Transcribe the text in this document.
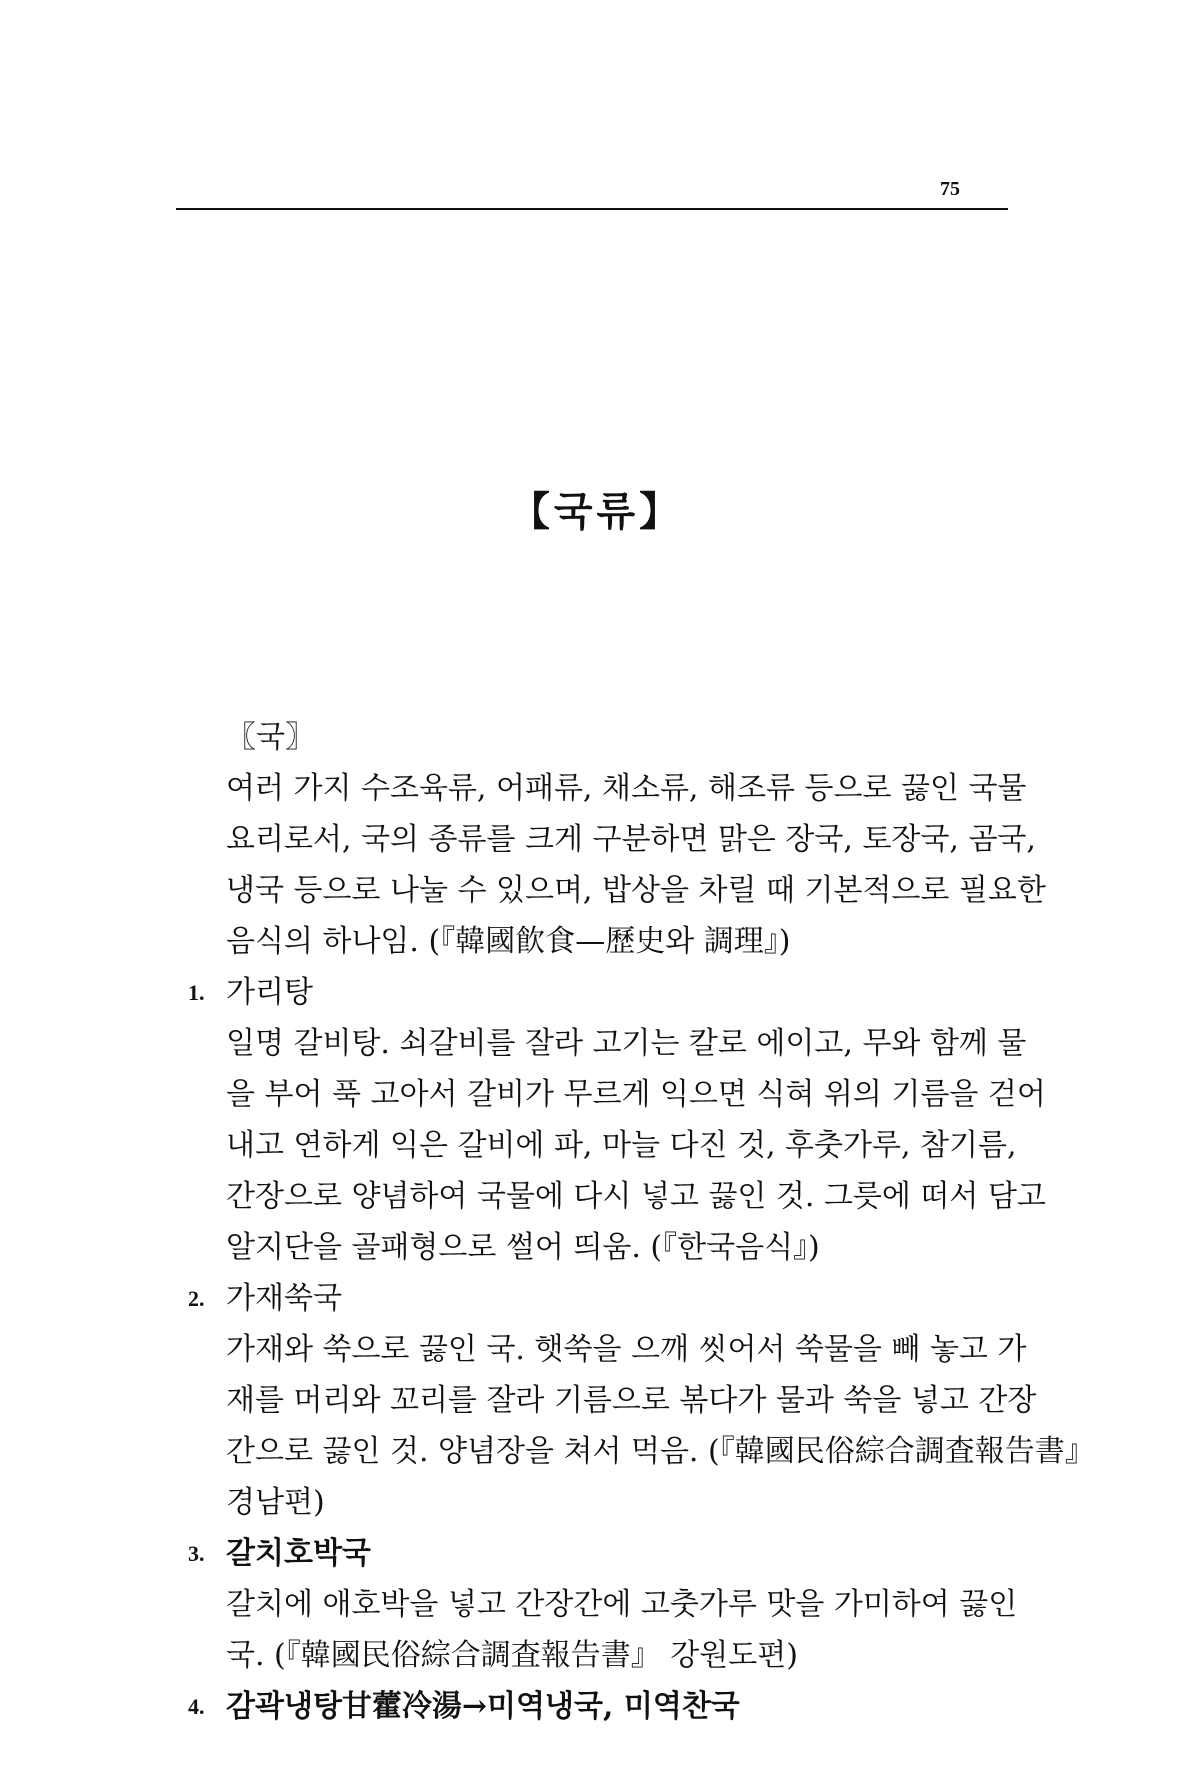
75
【국류】
〖국〗
여러 가지 수조육류, 어패류, 채소류, 해조류 등으로 끓인 국물
요리로서, 국의 종류를 크게 구분하면 맑은 장국, 토장국, 곰국,
냉국 등으로 나눌 수 있으며, 밥상을 차릴 때 기본적으로 필요한
음식의 하나임. (『韓國飮食—歷史와 調理』)
1. 가리탕
일명 갈비탕. 쇠갈비를 잘라 고기는 칼로 에이고, 무와 함께 물
을 부어 푹 고아서 갈비가 무르게 익으면 식혀 위의 기름을 걷어
내고 연하게 익은 갈비에 파, 마늘 다진 것, 후춧가루, 참기름,
간장으로 양념하여 국물에 다시 넣고 끓인 것. 그릇에 떠서 담고
알지단을 골패형으로 썰어 띄움. (『한국음식』)
2. 가재쑥국
가재와 쑥으로 끓인 국. 햇쑥을 으깨 씻어서 쑥물을 빼 놓고 가
재를 머리와 꼬리를 잘라 기름으로 볶다가 물과 쑥을 넣고 간장
간으로 끓인 것. 양념장을 쳐서 먹음. (『韓國民俗綜合調査報告書』
경남편)
3. 갈치호박국
갈치에 애호박을 넣고 간장간에 고춧가루 맛을 가미하여 끓인
국. (『韓國民俗綜合調査報告書』 강원도편)
4. 감곽냉탕甘藿冷湯→미역냉국, 미역찬국
